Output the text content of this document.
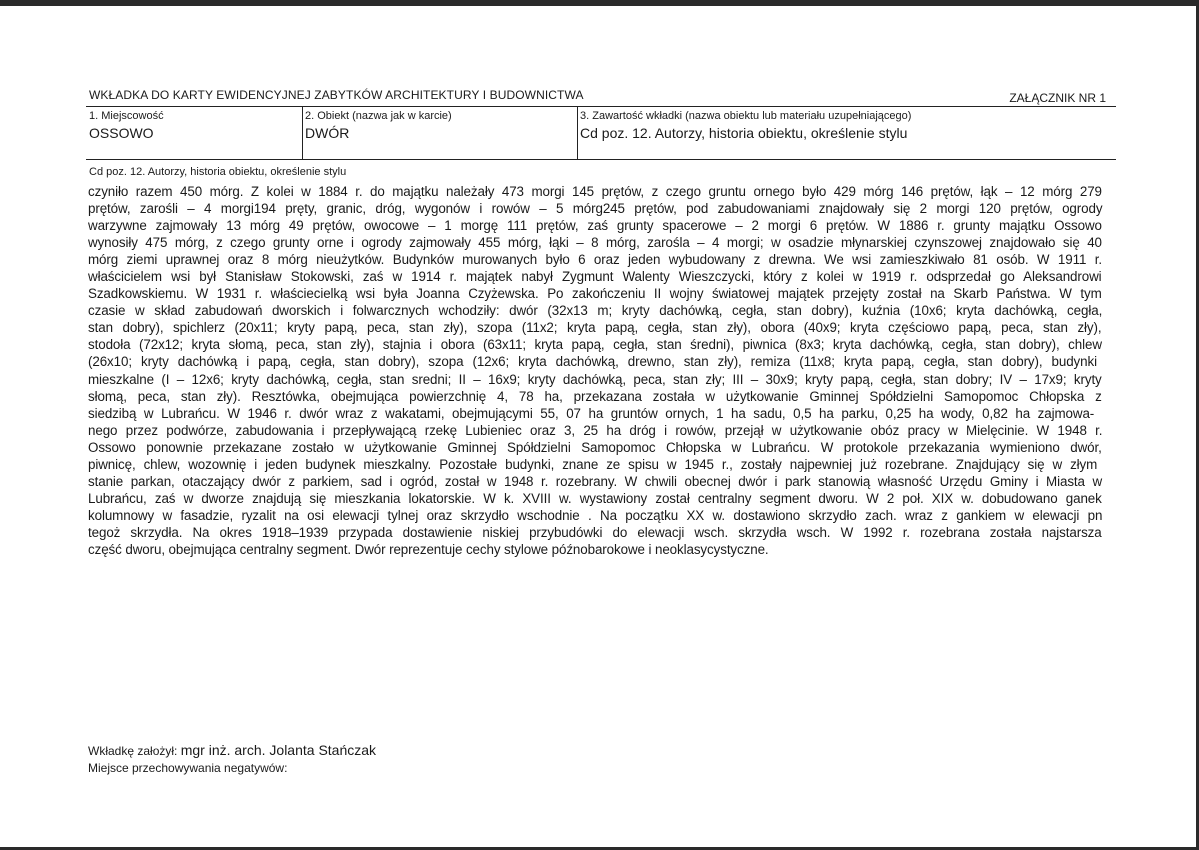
WKŁADKA DO KARTY EWIDENCYJNEJ ZABYTKÓW ARCHITEKTURY I BUDOWNICTWA	ZAŁĄCZNIK NR 1
1. Miejscowość
OSSOWO
2. Obiekt (nazwa jak w karcie)
DWÓR
3. Zawartość wkładki (nazwa obiektu lub materiału uzupełniającego)
Cd poz. 12. Autorzy, historia obiektu, określenie stylu
Cd poz. 12. Autorzy, historia obiektu, określenie stylu
czyniło razem 450 mórg. Z kolei w 1884 r. do majątku należały 473 morgi 145 prętów, z czego gruntu ornego było 429 mórg 146 prętów, łąk – 12 mórg 279
prętów, zarośli – 4 morgi194 pręty, granic, dróg, wygonów i rowów – 5 mórg245 prętów, pod zabudowaniami znajdowały się 2 morgi 120 prętów, ogrody
warzywne zajmowały 13 mórg 49 prętów, owocowe – 1 morgę 111 prętów, zaś grunty spacerowe – 2 morgi 6 prętów. W 1886 r. grunty majątku Ossowo
wynosiły 475 mórg, z czego grunty orne i ogrody zajmowały 455 mórg, łąki – 8 mórg, zarośla – 4 morgi; w osadzie młynarskiej czynszowej znajdowało się 40
mórg ziemi uprawnej oraz 8 mórg nieużytków. Budynków murowanych było 6 oraz jeden wybudowany z drewna. We wsi zamieszkiwało 81 osób. W 1911 r.
właścicielem wsi był Stanisław Stokowski, zaś w 1914 r. majątek nabył Zygmunt Walenty Wieszczycki, który z kolei w 1919 r. odsprzedał go Aleksandrowi
Szadkowskiemu. W 1931 r. właściecielką wsi była Joanna Czyżewska. Po zakończeniu II wojny światowej majątek przejęty został na Skarb Państwa. W tym
czasie w skład zabudowań dworskich i folwarcznych wchodziły: dwór (32x13 m; kryty dachówką, cegła, stan dobry), kuźnia (10x6; kryta dachówką, cegła,
stan dobry), spichlerz (20x11; kryty papą, peca, stan zły), szopa (11x2; kryta papą, cegła, stan zły), obora (40x9; kryta częściowo papą, peca, stan zły),
stodoła (72x12; kryta słomą, peca, stan zły), stajnia i obora (63x11; kryta papą, cegła, stan średni), piwnica (8x3; kryta dachówką, cegła, stan dobry), chlew
(26x10; kryty dachówką i papą, cegła, stan dobry), szopa (12x6; kryta dachówką, drewno, stan zły), remiza (11x8; kryta papą, cegła, stan dobry), budynki
mieszkalne (I – 12x6; kryty dachówką, cegła, stan sredni; II – 16x9; kryty dachówką, peca, stan zły; III – 30x9; kryty papą, cegła, stan dobry; IV – 17x9; kryty
słomą, peca, stan zły). Resztówka, obejmująca powierzchnię 4, 78 ha, przekazana została w użytkowanie Gminnej Spółdzielni Samopomoc Chłopska z
siedzibą w Lubrańcu. W 1946 r. dwór wraz z wakatami, obejmującymi 55, 07 ha gruntów ornych, 1 ha sadu, 0,5 ha parku, 0,25 ha wody, 0,82 ha zajmowa-
nego przez podwórze, zabudowania i przepływającą rzekę Lubieniec oraz 3, 25 ha dróg i rowów, przejął w użytkowanie obóz pracy w Mielęcinie. W 1948 r.
Ossowo ponownie przekazane zostało w użytkowanie Gminnej Spółdzielni Samopomoc Chłopska w Lubrańcu. W protokole przekazania wymieniono dwór,
piwnicę, chlew, wozownię i jeden budynek mieszkalny. Pozostałe budynki, znane ze spisu w 1945 r., zostały najpewniej już rozebrane. Znajdujący się w złym
stanie parkan, otaczający dwór z parkiem, sad i ogród, został w 1948 r. rozebrany. W chwili obecnej dwór i park stanowią własność Urzędu Gminy i Miasta w
Lubrańcu, zaś w dworze znajdują się mieszkania lokatorskie. W k. XVIII w. wystawiony został centralny segment dworu. W 2 poł. XIX w. dobudowano ganek
kolumnowy w fasadzie, ryzalit na osi elewacji tylnej oraz skrzydło wschodnie . Na początku XX w. dostawiono skrzydło zach. wraz z gankiem w elewacji pn
tegoż skrzydła. Na okres 1918–1939 przypada dostawienie niskiej przybudówki do elewacji wsch. skrzydła wsch. W 1992 r. rozebrana została najstarsza
część dworu, obejmująca centralny segment. Dwór reprezentuje cechy stylowe późnobarokowe i neoklasycystyczne.
Wkładkę założył: mgr inż. arch. Jolanta Stańczak
Miejsce przechowywania negatywów:
